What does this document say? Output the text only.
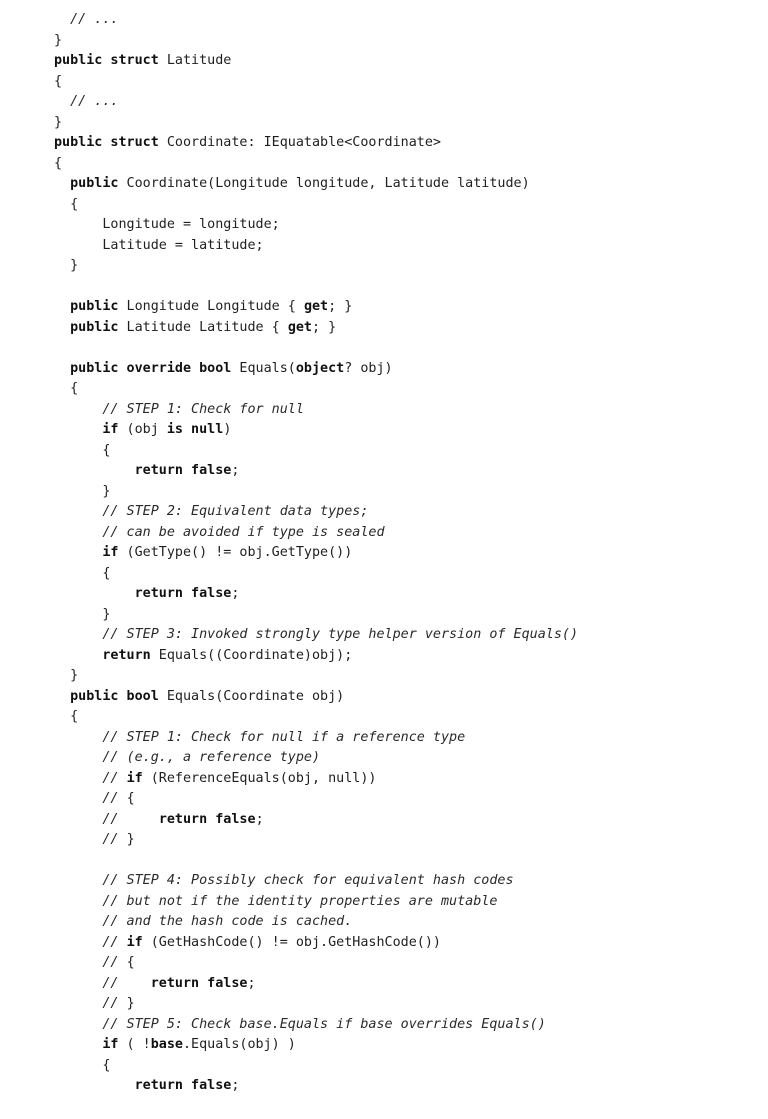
// ...
}
public struct Latitude
{
// ...
}
public struct Coordinate: IEquatable<Coordinate>
{
public Coordinate(Longitude longitude, Latitude latitude)
{
Longitude = longitude;
Latitude = latitude;
}
public Longitude Longitude { get; }
public Latitude Latitude { get; }
public override bool Equals(object? obj)
{
// STEP 1: Check for null
if (obj is null)
{
return false;
}
// STEP 2: Equivalent data types;
// can be avoided if type is sealed
if (GetType() != obj.GetType())
{
return false;
}
// STEP 3: Invoked strongly type helper version of Equals()
return Equals((Coordinate)obj);
}
public bool Equals(Coordinate obj)
{
// STEP 1: Check for null if a reference type
// (e.g., a reference type)
// if (ReferenceEquals(obj, null))
// {
//     return false;
// }
// STEP 4: Possibly check for equivalent hash codes
// but not if the identity properties are mutable
// and the hash code is cached.
// if (GetHashCode() != obj.GetHashCode())
// {
//    return false;
// }
// STEP 5: Check base.Equals if base overrides Equals()
if ( !base.Equals(obj) )
{
return false;
